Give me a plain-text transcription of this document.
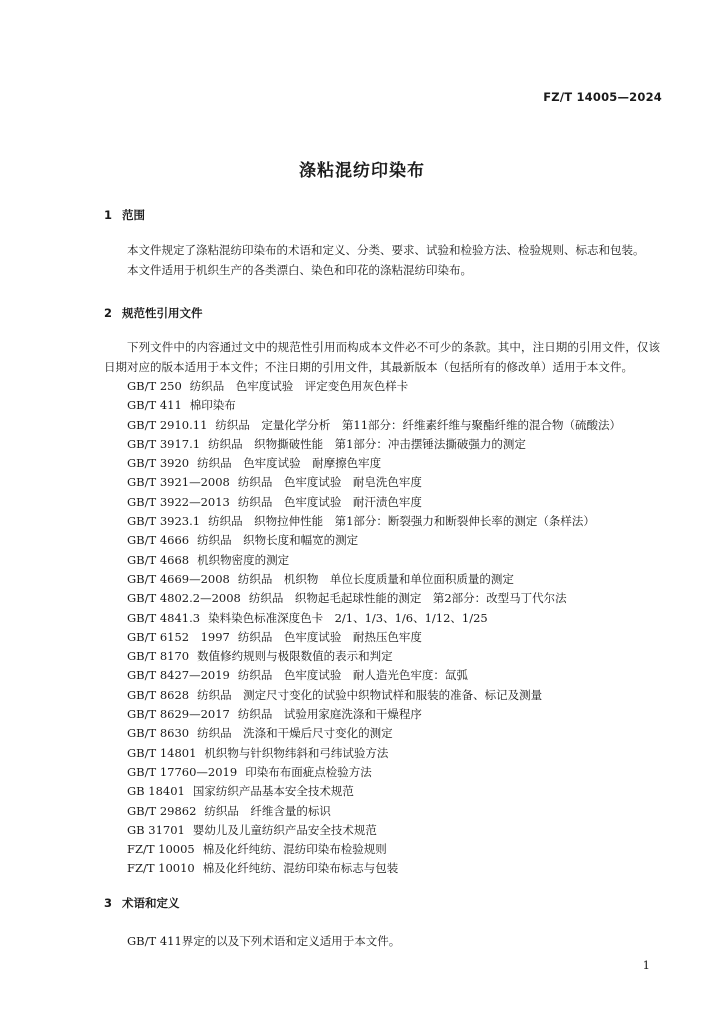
FZ/T 14005—2024
涤粘混纺印染布
1 范围
本文件规定了涤粘混纺印染布的术语和定义、分类、要求、试验和检验方法、检验规则、标志和包装。
本文件适用于机织生产的各类漂白、染色和印花的涤粘混纺印染布。
2 规范性引用文件
下列文件中的内容通过文中的规范性引用而构成本文件必不可少的条款。其中，注日期的引用文件，仅该日期对应的版本适用于本文件；不注日期的引用文件，其最新版本（包括所有的修改单）适用于本文件。
GB/T 250 纺织品　色牢度试验　评定变色用灰色样卡
GB/T 411 棉印染布
GB/T 2910.11 纺织品　定量化学分析　第11部分：纤维素纤维与聚酯纤维的混合物（硫酸法）
GB/T 3917.1 纺织品　织物撕破性能　第1部分：冲击摆锤法撕破强力的测定
GB/T 3920 纺织品　色牢度试验　耐摩擦色牢度
GB/T 3921—2008 纺织品　色牢度试验　耐皂洗色牢度
GB/T 3922—2013 纺织品　色牢度试验　耐汗渍色牢度
GB/T 3923.1 纺织品　织物拉伸性能　第1部分：断裂强力和断裂伸长率的测定（条样法）
GB/T 4666 纺织品　织物长度和幅宽的测定
GB/T 4668 机织物密度的测定
GB/T 4669—2008 纺织品　机织物　单位长度质量和单位面积质量的测定
GB/T 4802.2—2008 纺织品　织物起毛起球性能的测定　第2部分：改型马丁代尔法
GB/T 4841.3 染料染色标准深度色卡　2/1、1/3、1/6、1/12、1/25
GB/T 6152　1997 纺织品　色牢度试验　耐热压色牢度
GB/T 8170 数值修约规则与极限数值的表示和判定
GB/T 8427—2019 纺织品　色牢度试验　耐人造光色牢度：氙弧
GB/T 8628 纺织品　测定尺寸变化的试验中织物试样和服装的准备、标记及测量
GB/T 8629—2017 纺织品　试验用家庭洗涤和干燥程序
GB/T 8630 纺织品　洗涤和干燥后尺寸变化的测定
GB/T 14801 机织物与针织物纬斜和弓纬试验方法
GB/T 17760—2019 印染布布面疵点检验方法
GB 18401 国家纺织产品基本安全技术规范
GB/T 29862 纺织品　纤维含量的标识
GB 31701 婴幼儿及儿童纺织产品安全技术规范
FZ/T 10005 棉及化纤纯纺、混纺印染布检验规则
FZ/T 10010 棉及化纤纯纺、混纺印染布标志与包装
3 术语和定义
GB/T 411界定的以及下列术语和定义适用于本文件。
1
